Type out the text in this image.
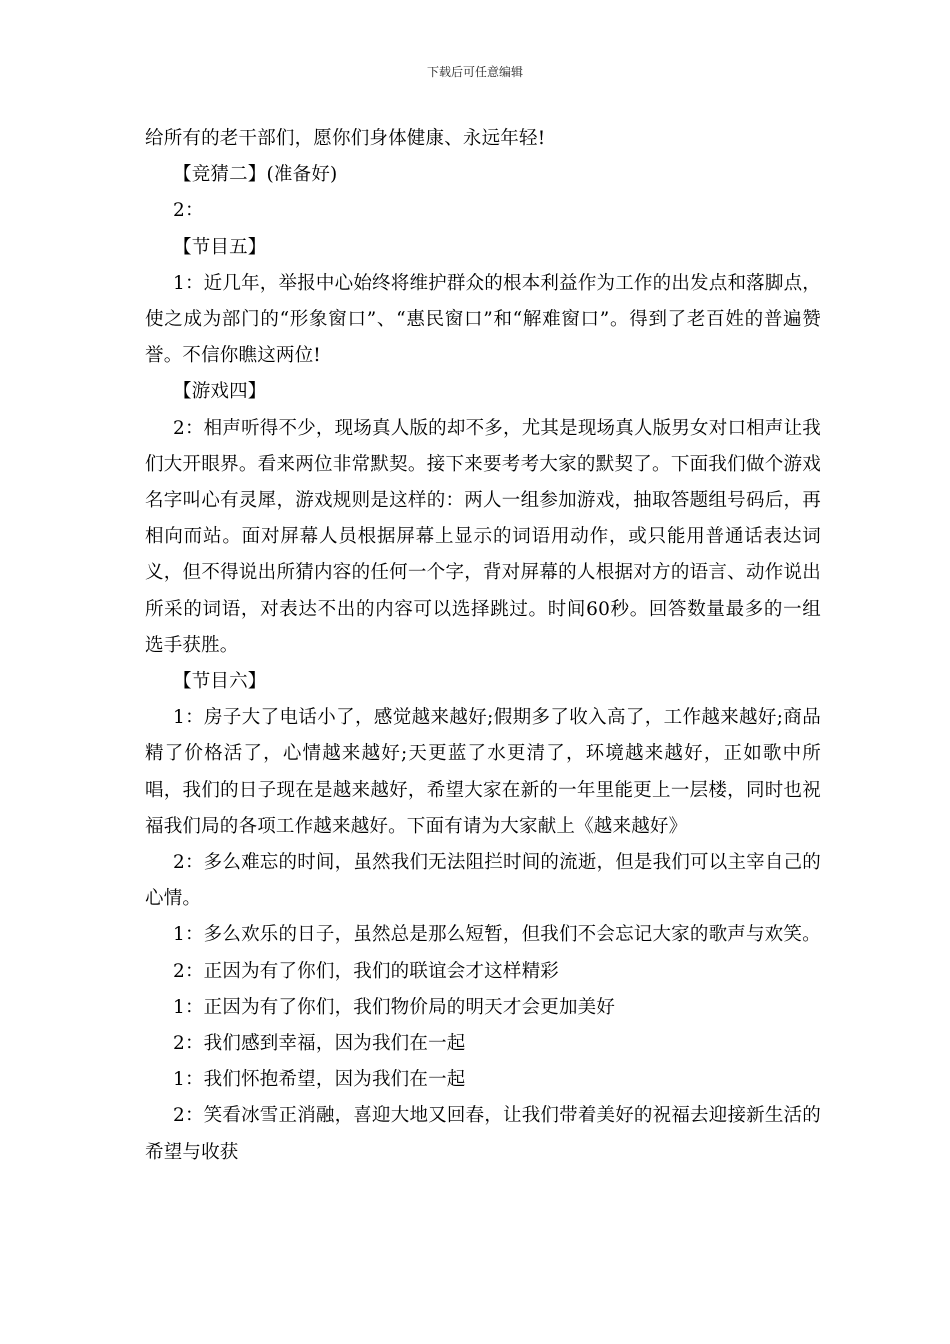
下载后可任意编辑

给所有的老干部们，愿你们身体健康、永远年轻!

【竞猜二】(准备好)

2：

【节目五】

1：近几年，举报中心始终将维护群众的根本利益作为工作的出发点和落脚点，使之成为部门的“形象窗口”、“惠民窗口”和“解难窗口”。得到了老百姓的普遍赞誉。不信你瞧这两位!

【游戏四】

2：相声听得不少，现场真人版的却不多，尤其是现场真人版男女对口相声让我们大开眼界。看来两位非常默契。接下来要考考大家的默契了。下面我们做个游戏名字叫心有灵犀，游戏规则是这样的：两人一组参加游戏，抽取答题组号码后，再相向而站。面对屏幕人员根据屏幕上显示的词语用动作，或只能用普通话表达词义，但不得说出所猜内容的任何一个字，背对屏幕的人根据对方的语言、动作说出所采的词语，对表达不出的内容可以选择跳过。时间60秒。回答数量最多的一组选手获胜。

【节目六】

1：房子大了电话小了，感觉越来越好;假期多了收入高了，工作越来越好;商品精了价格活了，心情越来越好;天更蓝了水更清了，环境越来越好，正如歌中所唱，我们的日子现在是越来越好，希望大家在新的一年里能更上一层楼，同时也祝福我们局的各项工作越来越好。下面有请为大家献上《越来越好》

2：多么难忘的时间，虽然我们无法阻拦时间的流逝，但是我们可以主宰自己的心情。

1：多么欢乐的日子，虽然总是那么短暂，但我们不会忘记大家的歌声与欢笑。

2：正因为有了你们，我们的联谊会才这样精彩

1：正因为有了你们，我们物价局的明天才会更加美好

2：我们感到幸福，因为我们在一起

1：我们怀抱希望，因为我们在一起

2：笑看冰雪正消融，喜迎大地又回春，让我们带着美好的祝福去迎接新生活的希望与收获
